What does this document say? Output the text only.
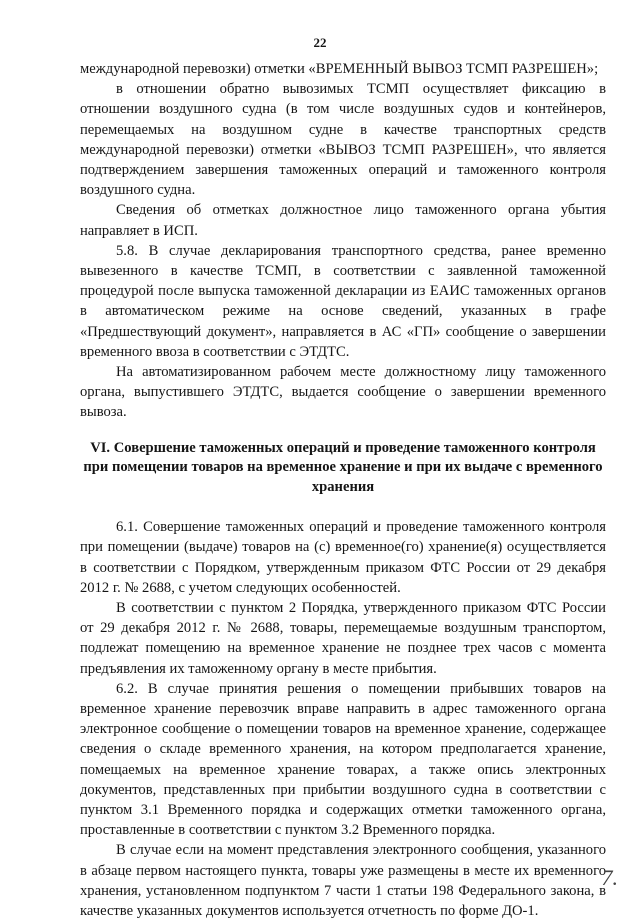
22

международной перевозки) отметки «ВРЕМЕННЫЙ ВЫВОЗ ТСМП РАЗРЕШЕН»;

в отношении обратно вывозимых ТСМП осуществляет фиксацию в отношении воздушного судна (в том числе воздушных судов и контейнеров, перемещаемых на воздушном судне в качестве транспортных средств международной перевозки) отметки «ВЫВОЗ ТСМП РАЗРЕШЕН», что является подтверждением завершения таможенных операций и таможенного контроля воздушного судна.

Сведения об отметках должностное лицо таможенного органа убытия направляет в ИСП.

5.8. В случае декларирования транспортного средства, ранее временно вывезенного в качестве ТСМП, в соответствии с заявленной таможенной процедурой после выпуска таможенной декларации из ЕАИС таможенных органов в автоматическом режиме на основе сведений, указанных в графе «Предшествующий документ», направляется в АС «ГП» сообщение о завершении временного ввоза в соответствии с ЭТДТС.

На автоматизированном рабочем месте должностному лицу таможенного органа, выпустившего ЭТДТС, выдается сообщение о завершении временного вывоза.

VI. Совершение таможенных операций и проведение таможенного контроля при помещении товаров на временное хранение и при их выдаче с временного хранения

6.1. Совершение таможенных операций и проведение таможенного контроля при помещении (выдаче) товаров на (с) временное(го) хранение(я) осуществляется в соответствии с Порядком, утвержденным приказом ФТС России от 29 декабря 2012 г. № 2688, с учетом следующих особенностей.

В соответствии с пунктом 2 Порядка, утвержденного приказом ФТС России от 29 декабря 2012 г. № 2688, товары, перемещаемые воздушным транспортом, подлежат помещению на временное хранение не позднее трех часов с момента предъявления их таможенному органу в месте прибытия.

6.2. В случае принятия решения о помещении прибывших товаров на временное хранение перевозчик вправе направить в адрес таможенного органа электронное сообщение о помещении товаров на временное хранение, содержащее сведения о складе временного хранения, на котором предполагается хранение, помещаемых на временное хранение товарах, а также опись электронных документов, представленных при прибытии воздушного судна в соответствии с пунктом 3.1 Временного порядка и содержащих отметки таможенного органа, проставленные в соответствии с пунктом 3.2 Временного порядка.

В случае если на момент представления электронного сообщения, указанного в абзаце первом настоящего пункта, товары уже размещены в месте их временного хранения, установленном подпунктом 7 части 1 статьи 198 Федерального закона, в качестве указанных документов используется отчетность по форме ДО-1.

7.
